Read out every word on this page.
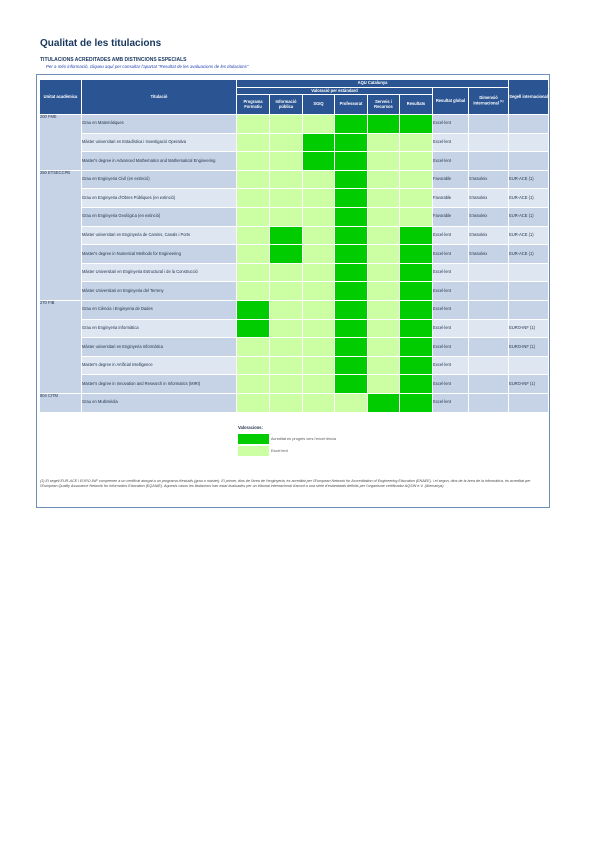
Qualitat de les titulacions
TITULACIONS ACREDITADES AMB DISTINCIONS ESPECIALS
Per a més informació, cliqueu aquí per consultar l'apartat "Resultat de les avaluacions de les titulacions"
Unitat acadèmica	Titulació	AQU Catalunya								Segell internacional
		Valoració per estàndard						Resultat global	Dimensió Internacional $^{(1)}$
		Programa Formatiu	Informació pública	SGIQ	Professorat	Serveis i Recursos	Resultats			
200 FME	Grau en Matemàtiques							Excel·lent		
	Màster universitari en Estadística i Investigació Operativa							Excel·lent		
	Master's degree in Advanced Mathematics and Mathematical Engineering							Excel·lent		
250 ETSECCPB	Grau en Enginyeria Civil (en extinció)							Favorable	S'assoleix	EUR-ACE (1)
	Grau en Enginyeria d'Obres Públiques (en extinció)							Favorable	S'assoleix	EUR-ACE (1)
	Grau en Enginyeria Geològica (en extinció)							Favorable	S'assoleix	EUR-ACE (1)
	Màster universitari en Enginyeria de Camins, Canals i Ports							Excel·lent	S'assoleix	EUR-ACE (1)
	Master's degree in Numerical Methods for Engineering							Excel·lent	S'assoleix	EUR-ACE (1)
	Màster Universitari en Enginyeria Estructural i de la Construcció							Excel·lent		
	Màster Universitari en Enginyeria del Terreny							Excel·lent		
270 FIB	Grau en Ciència i Enginyeria de Dades							Excel·lent		
	Grau en Enginyeria Informàtica							Excel·lent		EURO-INF (1)
	Màster universitari en Enginyeria Informàtica							Excel·lent		EURO-INF (1)
	Master's degree in Artificial Intelligence							Excel·lent		
	Master's degree in Innovation and Research in Informatics (MIRI)							Excel·lent		EURO-INF (1)
804 CITM	Grau en Multimèdia							Excel·lent		
Valoracions:
Acreditat en progrés vers l'excel·lència
Excel·lent
(1) El segell EUR-ACE i EURO-INF comprenen a un certificat atorgat a un programa d'estudis (grau o màster). El primer, dins de l'àrea de l'enginyeria, és acreditat per l'European Network for Accreditation of Engineering Education (ENAEE), i el segon, dins de la àrea de la informàtica, és acreditat per l'European Quality Assurance Network for Informatics Education (EQANIE). Aquests casos les titulacions han estat avaluades per un tribunal internacional d'acord a una sèrie d'estàndards definits per l'organisme certificador AQSIN e.V. (Alemanya).
